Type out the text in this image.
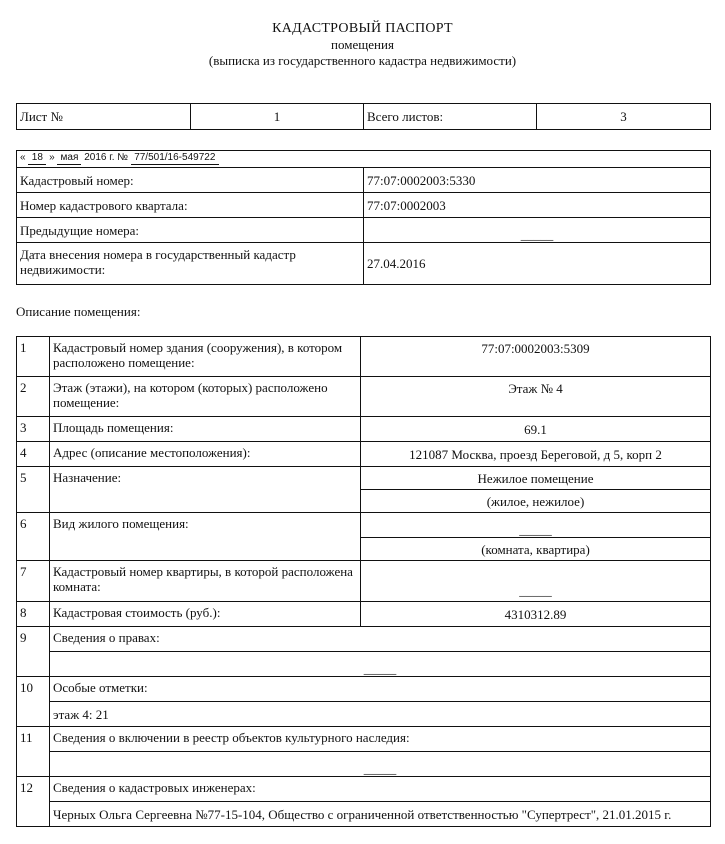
КАДАСТРОВЫЙ ПАСПОРТ
помещения
(выписка из государственного кадастра недвижимости)
Лист №	1	Всего листов:	3
« 18 » мая 2016 г. № 77/501/16-549722	
Кадастровый номер:	77:07:0002003:5330
Номер кадастрового квартала:	77:07:0002003
Предыдущие номера:	_____
Дата внесения номера в государственный кадастр недвижимости:	27.04.2016
Описание помещения:
1	Кадастровый номер здания (сооружения), в котором расположено помещение:	77:07:0002003:5309
2	Этаж (этажи), на котором (которых) расположено помещение:	Этаж № 4
3	Площадь помещения:	69.1
4	Адрес (описание местоположения):	121087 Москва, проезд Береговой, д 5, корп 2
5	Назначение:	Нежилое помещение
		(жилое, нежилое)
6	Вид жилого помещения:	_____
		(комната, квартира)
7	Кадастровый номер квартиры, в которой расположена комната:	_____
8	Кадастровая стоимость (руб.):	4310312.89
9	Сведения о правах:	
	_____	
10	Особые отметки:	
	этаж 4: 21	
11	Сведения о включении в реестр объектов культурного наследия:	
	_____	
12	Сведения о кадастровых инженерах:	
	Черных Ольга Сергеевна №77-15-104, Общество с ограниченной ответственностью "Супертрест", 21.01.2015 г.	
